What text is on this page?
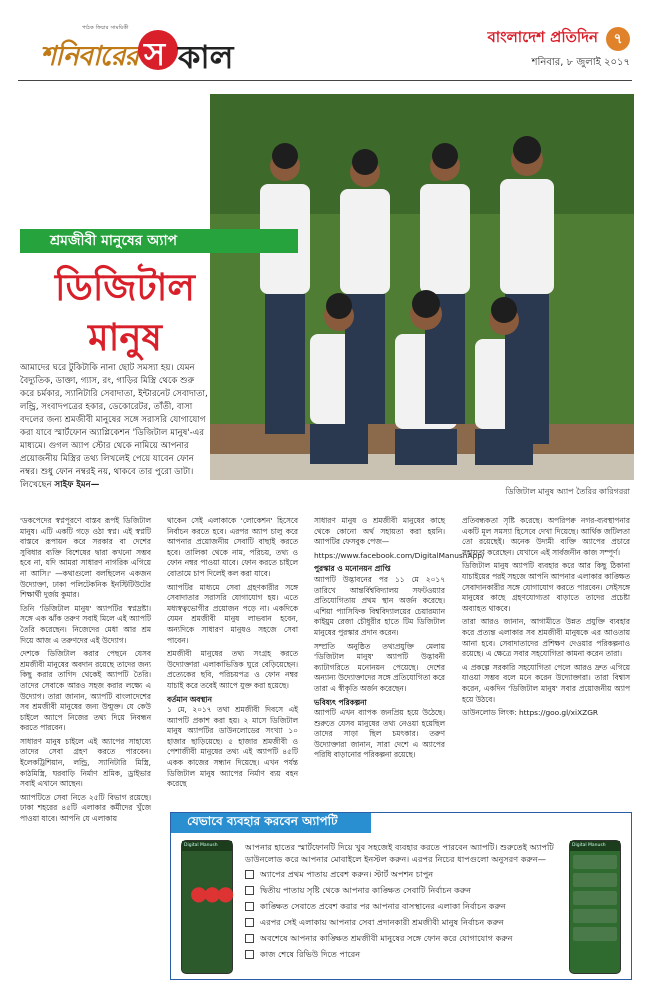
পাঠক ফিচার সাময়িকী
শনিবারের স কাল
বাংলাদেশ প্রতিদিন	৭
শনিবার, ৮ জুলাই ২০১৭
ডিজিটাল মানুষ অ্যাপ তৈরির কারিগররা
শ্রমজীবী মানুষের অ্যাপ
ডিজিটাল
মানুষ
আমাদের ঘরে টুকিটাকি নানা ছোট সমস্যা হয়। যেমন বৈদ্যুতিক, ডাক্তা, গ্যাস, রং, গাড়ির মিস্ত্রি থেকে শুরু করে চর্মকার, স্যানিটারি সেবাদাতা, ইন্টারনেট সেবাদাতা, লন্ড্রি, সংবাদপত্রের হকার, ডেকোরেটর, তাঁতী, বাসা বদলের জন্য শ্রমজীবী মানুষের সঙ্গে সরাসরি যোগাযোগ করা যাবে স্মার্টফোন অ্যাপ্লিকেশন 'ডিজিটাল মানুষ'-এর মাধ্যমে। গুগল অ্যাপ স্টোর থেকে নামিয়ে আপনার প্রয়োজনীয় মিস্ত্রির তথ্য লিখলেই পেয়ে যাবেন ফোন নম্বর। শুধু ফোন নম্বরই নয়, থাকবে তার পুরো ডাটা। লিখেছেন সাইফ ইমন—

'ডকপেদের স্বপ্নপূরণে বাস্তব রূপই ডিজিটাল মানুষ। এটি একটি গড়ে ওঠা স্বপ্ন। এই স্বপ্নটি বাস্তবে রূপায়ন করে সরকার বা দেশের সুবিধার ব্যক্তি বিশেষের দ্বারা কখনো সম্ভব হবে না, যদি আমরা সাধারণ নাগরিক এগিয়ে না আসি।' —কথাগুলো বলছিলেন একজন উদ্যোক্তা, ঢাকা পলিটেকনিক ইনস্টিটিউটের শিক্ষার্থী দুর্জয় কুমার।

তিনি 'ডিজিটাল মানুষ' অ্যাপটির স্বপ্নদ্রষ্টা। সঙ্গে এক ঝাঁক তরুণ সবাই মিলে এই অ্যাপটি তৈরি করেছেন। নিজেদের মেধা আর শ্রম দিয়ে আজ এ তরুণদের এই উদ্যোগ।

দেশকে ডিজিটাল করার পেছনে যেসব শ্রমজীবী মানুষের অবদান রয়েছে তাদের জন্য কিছু করার তাগিদ থেকেই অ্যাপটি তৈরি। তাদের সেবাকে আরও সহজ করার লক্ষ্যে এ উদ্যোগ। তারা জানান, অ্যাপটি বাংলাদেশের সব শ্রমজীবী মানুষের জন্য উন্মুক্ত। যে কেউ চাইলে অ্যাপে নিজের তথ্য দিয়ে নিবন্ধন করতে পারবেন।

সাধারণ মানুষ চাইলে এই অ্যাপের সাহায্যে তাদের সেবা গ্রহণ করতে পারবেন। ইলেকট্রিশিয়ান, লন্ড্রি, স্যানিটারি মিস্ত্রি, কাঠমিস্ত্রি, ঘরবাড়ি নির্মাণ শ্রমিক, ড্রাইভার সবাই এখানে আছেন।

অ্যাপটিতে সেবা নিতে ২৫টি বিভাগ রয়েছে। ঢাকা শহরের ৪৫টি এলাকার কর্মীদের খুঁজে পাওয়া যাবে। আপনি যে এলাকায়

থাকেন সেই এলাকাকে 'লোকেশন' হিসেবে নির্বাচন করতে হবে। এরপর অ্যাপ চালু করে আপনার প্রয়োজনীয় সেবাটি বাছাই করতে হবে। তালিকা থেকে নাম, পরিচয়, তথ্য ও ফোন নম্বর পাওয়া যাবে। ফোন করতে চাইলে বোতামে চাপ দিলেই কল করা যাবে।

অ্যাপটির মাধ্যমে সেবা গ্রহণকারীর সঙ্গে সেবাদাতার সরাসরি যোগাযোগ হয়। এতে মধ্যস্বত্বভোগীর প্রয়োজন পড়ে না। একদিকে যেমন শ্রমজীবী মানুষ লাভবান হবেন, অন্যদিকে সাধারণ মানুষও সহজে সেবা পাবেন।

শ্রমজীবী মানুষের তথ্য সংগ্রহ করতে উদ্যোক্তারা এলাকাভিত্তিক ঘুরে বেড়িয়েছেন। প্রত্যেকের ছবি, পরিচয়পত্র ও ফোন নম্বর যাচাই করে তবেই অ্যাপে যুক্ত করা হয়েছে।

বর্তমান অবস্থান

১ মে, ২০১৭ তথা শ্রমজীবী দিবসে এই অ্যাপটি প্রকাশ করা হয়। ২ মাসে ডিজিটাল মানুষ অ্যাপটির ডাউনলোডের সংখ্যা ১০ হাজার ছাড়িয়েছে। ৫ হাজার শ্রমজীবী ও পেশাজীবী মানুষের তথ্য এই অ্যাপটি ৪৫টি একক কাজের সন্ধান দিয়েছে। এখন পর্যন্ত ডিজিটাল মানুষ অ্যাপের নির্মাণ ব্যয় বহন করেছে

সাধারণ মানুষ ও শ্রমজীবী মানুষের কাছে থেকে কোনো অর্থ সহায়তা করা হয়নি। অ্যাপটির ফেসবুক পেজ—

https://www.facebook.com/DigitalManushApp/

পুরস্কার ও মনোনয়ন প্রাপ্তি

অ্যাপটি উদ্ভাবনের পর ১১ মে ২০১৭ তারিখে আন্তর্বিশ্ববিদ্যালয় সফটওয়্যার প্রতিযোগিতায় প্রথম স্থান অর্জন করেছে। এশিয়া প্যাসিফিক বিশ্ববিদ্যালয়ের চেয়ারম্যান কাইয়ুম রেজা চৌধুরীর হাতে টিম ডিজিটাল মানুষের পুরস্কার প্রদান করেন।

সম্প্রতি অনুষ্ঠিত তথ্যপ্রযুক্তি মেলায় 'ডিজিটাল মানুষ' অ্যাপটি উদ্ভাবনী ক্যাটাগরিতে মনোনয়ন পেয়েছে। দেশের অন্যান্য উদ্যোক্তাদের সঙ্গে প্রতিযোগিতা করে তারা এ স্বীকৃতি অর্জন করেছেন।

ভবিষ্যৎ পরিকল্পনা

অ্যাপটি এখন ব্যাপক জনপ্রিয় হয়ে উঠেছে। শুরুতে যেসব মানুষের তথ্য নেওয়া হয়েছিল তাদের সাড়া ছিল চমৎকার। তরুণ উদ্যোক্তারা জানান, সারা দেশে এ অ্যাপের পরিধি বাড়ানোর পরিকল্পনা রয়েছে।

প্রতিবন্ধকতা সৃষ্টি করেছে। অপরিপক্ব নগর-ব্যবস্থাপনার একটি মূল সমস্যা হিসেবে দেখা দিয়েছে। আর্থিক জটিলতা তো রয়েছেই। অনেক উদ্যমী ব্যক্তি অ্যাপের প্রচারে সহায়তা করেছেন। যেখানে এই সার্বজনীন কাজ সম্পূর্ণ।

ডিজিটাল মানুষ অ্যাপটি ব্যবহার করে আর কিছু ঠিকানা যাচাইয়ের পরই সহজে আপনি আপনার এলাকার কাঙ্ক্ষিত সেবাদানকারীর সঙ্গে যোগাযোগ করতে পারবেন। সেইসঙ্গে মানুষের কাছে গ্রহণযোগ্যতা বাড়াতে তাদের প্রচেষ্টা অব্যাহত থাকবে।

তারা আরও জানান, আগামীতে উন্নত প্রযুক্তি ব্যবহার করে প্রত্যন্ত এলাকার সব শ্রমজীবী মানুষকে এর আওতায় আনা হবে। সেবাদাতাদের প্রশিক্ষণ দেওয়ার পরিকল্পনাও রয়েছে। এ ক্ষেত্রে সবার সহযোগিতা কামনা করেন তারা।

এ প্রকল্পে সরকারি সহযোগিতা পেলে আরও দ্রুত এগিয়ে যাওয়া সম্ভব বলে মনে করেন উদ্যোক্তারা। তারা বিশ্বাস করেন, একদিন 'ডিজিটাল মানুষ' সবার প্রয়োজনীয় অ্যাপ হয়ে উঠবে।

ডাউনলোড লিংক: https://goo.gl/xiXZGR

যেভাবে ব্যবহার করবেন অ্যাপটি
Digital Manush
●●●

আপনার হাতের স্মার্টফোনটি দিয়ে খুব সহজেই ব্যবহার করতে পারবেন অ্যাপটি। শুরুতেই অ্যাপটি ডাউনলোড করে আপনার মোবাইলে ইনস্টল করুন। এরপর নিচের ধাপগুলো অনুসরণ করুন—

অ্যাপের প্রথম পাতায় প্রবেশ করুন। স্টার্ট অপশন চাপুন
দ্বিতীয় পাতায় সৃষ্টি থেকে আপনার কাঙ্ক্ষিত সেবাটি নির্বাচন করুন
কাঙ্ক্ষিত সেবাতে প্রবেশ করার পর আপনার বাসস্থানের এলাকা নির্বাচন করুন
এরপর সেই এলাকায় আপনার সেবা প্রদানকারী শ্রমজীবী মানুষ নির্বাচন করুন
অবশেষে আপনার কাঙ্ক্ষিত শ্রমজীবী মানুষের সঙ্গে ফোন করে যোগাযোগ করুন
কাজ শেষে রিভিউ দিতে পারেন
Digital Manush
